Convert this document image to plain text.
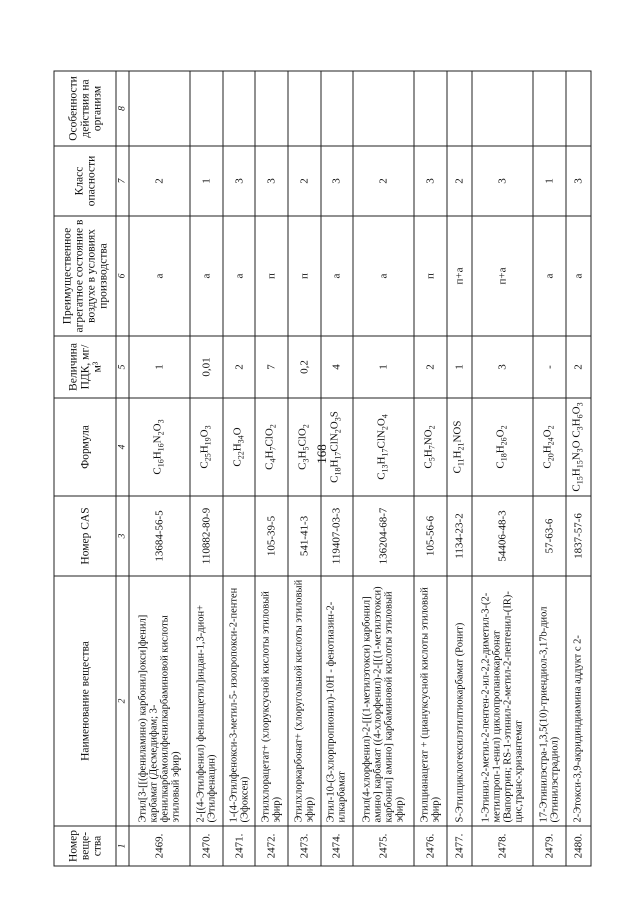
168
Номер веще-ства	Наименование вещества	Номер CAS	Формула	Величина ПДК, мг/м³	Преимущественное агрегатное состояние в воздухе в условиях производства	Класс опасности	Особенности действия на организм
1	2	3	4	5	6	7	8
2469.	Этил[3-[[(фениламино) карбонил]окси]фенил] карбамат (Десмедифам; 3-фенилкарбамоилфенилкарбаминовой кислоты этиловый эфир)	13684-56-5	$C_{16}H_{16}N_2O_3$	1	а	2	
2470.	2-[(4-Этилфенил) фенилацетил]индан-1,3-дион+ (Этилфенацин)	110882-80-9	$C_{25}H_{19}O_3$	0,01	а	1	
2471.	1-(4-Этилфенокси-3-метил-5- изопропокси-2-пентен (Эфоксен)		$C_{22}H_{34}O$	2	а	3	
2472.	Этилхлорацетат+ (хлоруксусной кислоты этиловый эфир)	105-39-5	$C_4H_7ClO_2$	7	п	3	
2473.	Этилхлоркарбонат+ (хлоругольной кислоты этиловый эфир)	541-41-3	$C_3H_5ClO_2$	0,2	п	2	
2474.	Этил-10-(3-хлорпропионил)-10Н - фенотиазин-2-илкарбамат	119407-03-3	$C_{18}H_{17}ClN_2O_3S$	4	а	3	
2475.	Этил(4-хлорфенил)-2-[[(1-метилэтокси) карбонил] амино] карбамат ((4-хлорфенил)-2-[[(1-метилэтокси) карбонил] амино] карбаминовой кислоты этиловый эфир)	136204-68-7	$C_{13}H_{17}ClN_2O_4$	1	а	2	
2476.	Этилцианацетат + (циануксусной кислоты этиловый эфир)	105-56-6	$C_5H_7NO_2$	2	п	3	
2477.	S-Этилциклогексилэтилтиокарбамат (Ронит)	1134-23-2	$C_{11}H_{21}NOS$	1	п+а	2	
2478.	1-Этинил-2-метил-2-пентен-2-ил-2,2-диметил-3-(2-метилпроп-1-енил) циклопропанокарбонат (Вапортрин; RS-1-этинил-2-метил-2-пентенил-(IR)-цис,транс-хризантемат	54406-48-3	$C_{18}H_{26}O_2$	3	п+а	3	
2479.	17-Этинилэстра-1,3,5(10)-триендиол-3,17b-диол (Этинилэстрадиол)	57-63-6	$C_{20}H_{24}O_2$	-	а	1	
2480.	2-Этокси-3,9-акридиндиамина аддукт с 2-	1837-57-6	$C_{15}H_{15}N_3O$ $C_3H_6O_3$	2	а	3	
